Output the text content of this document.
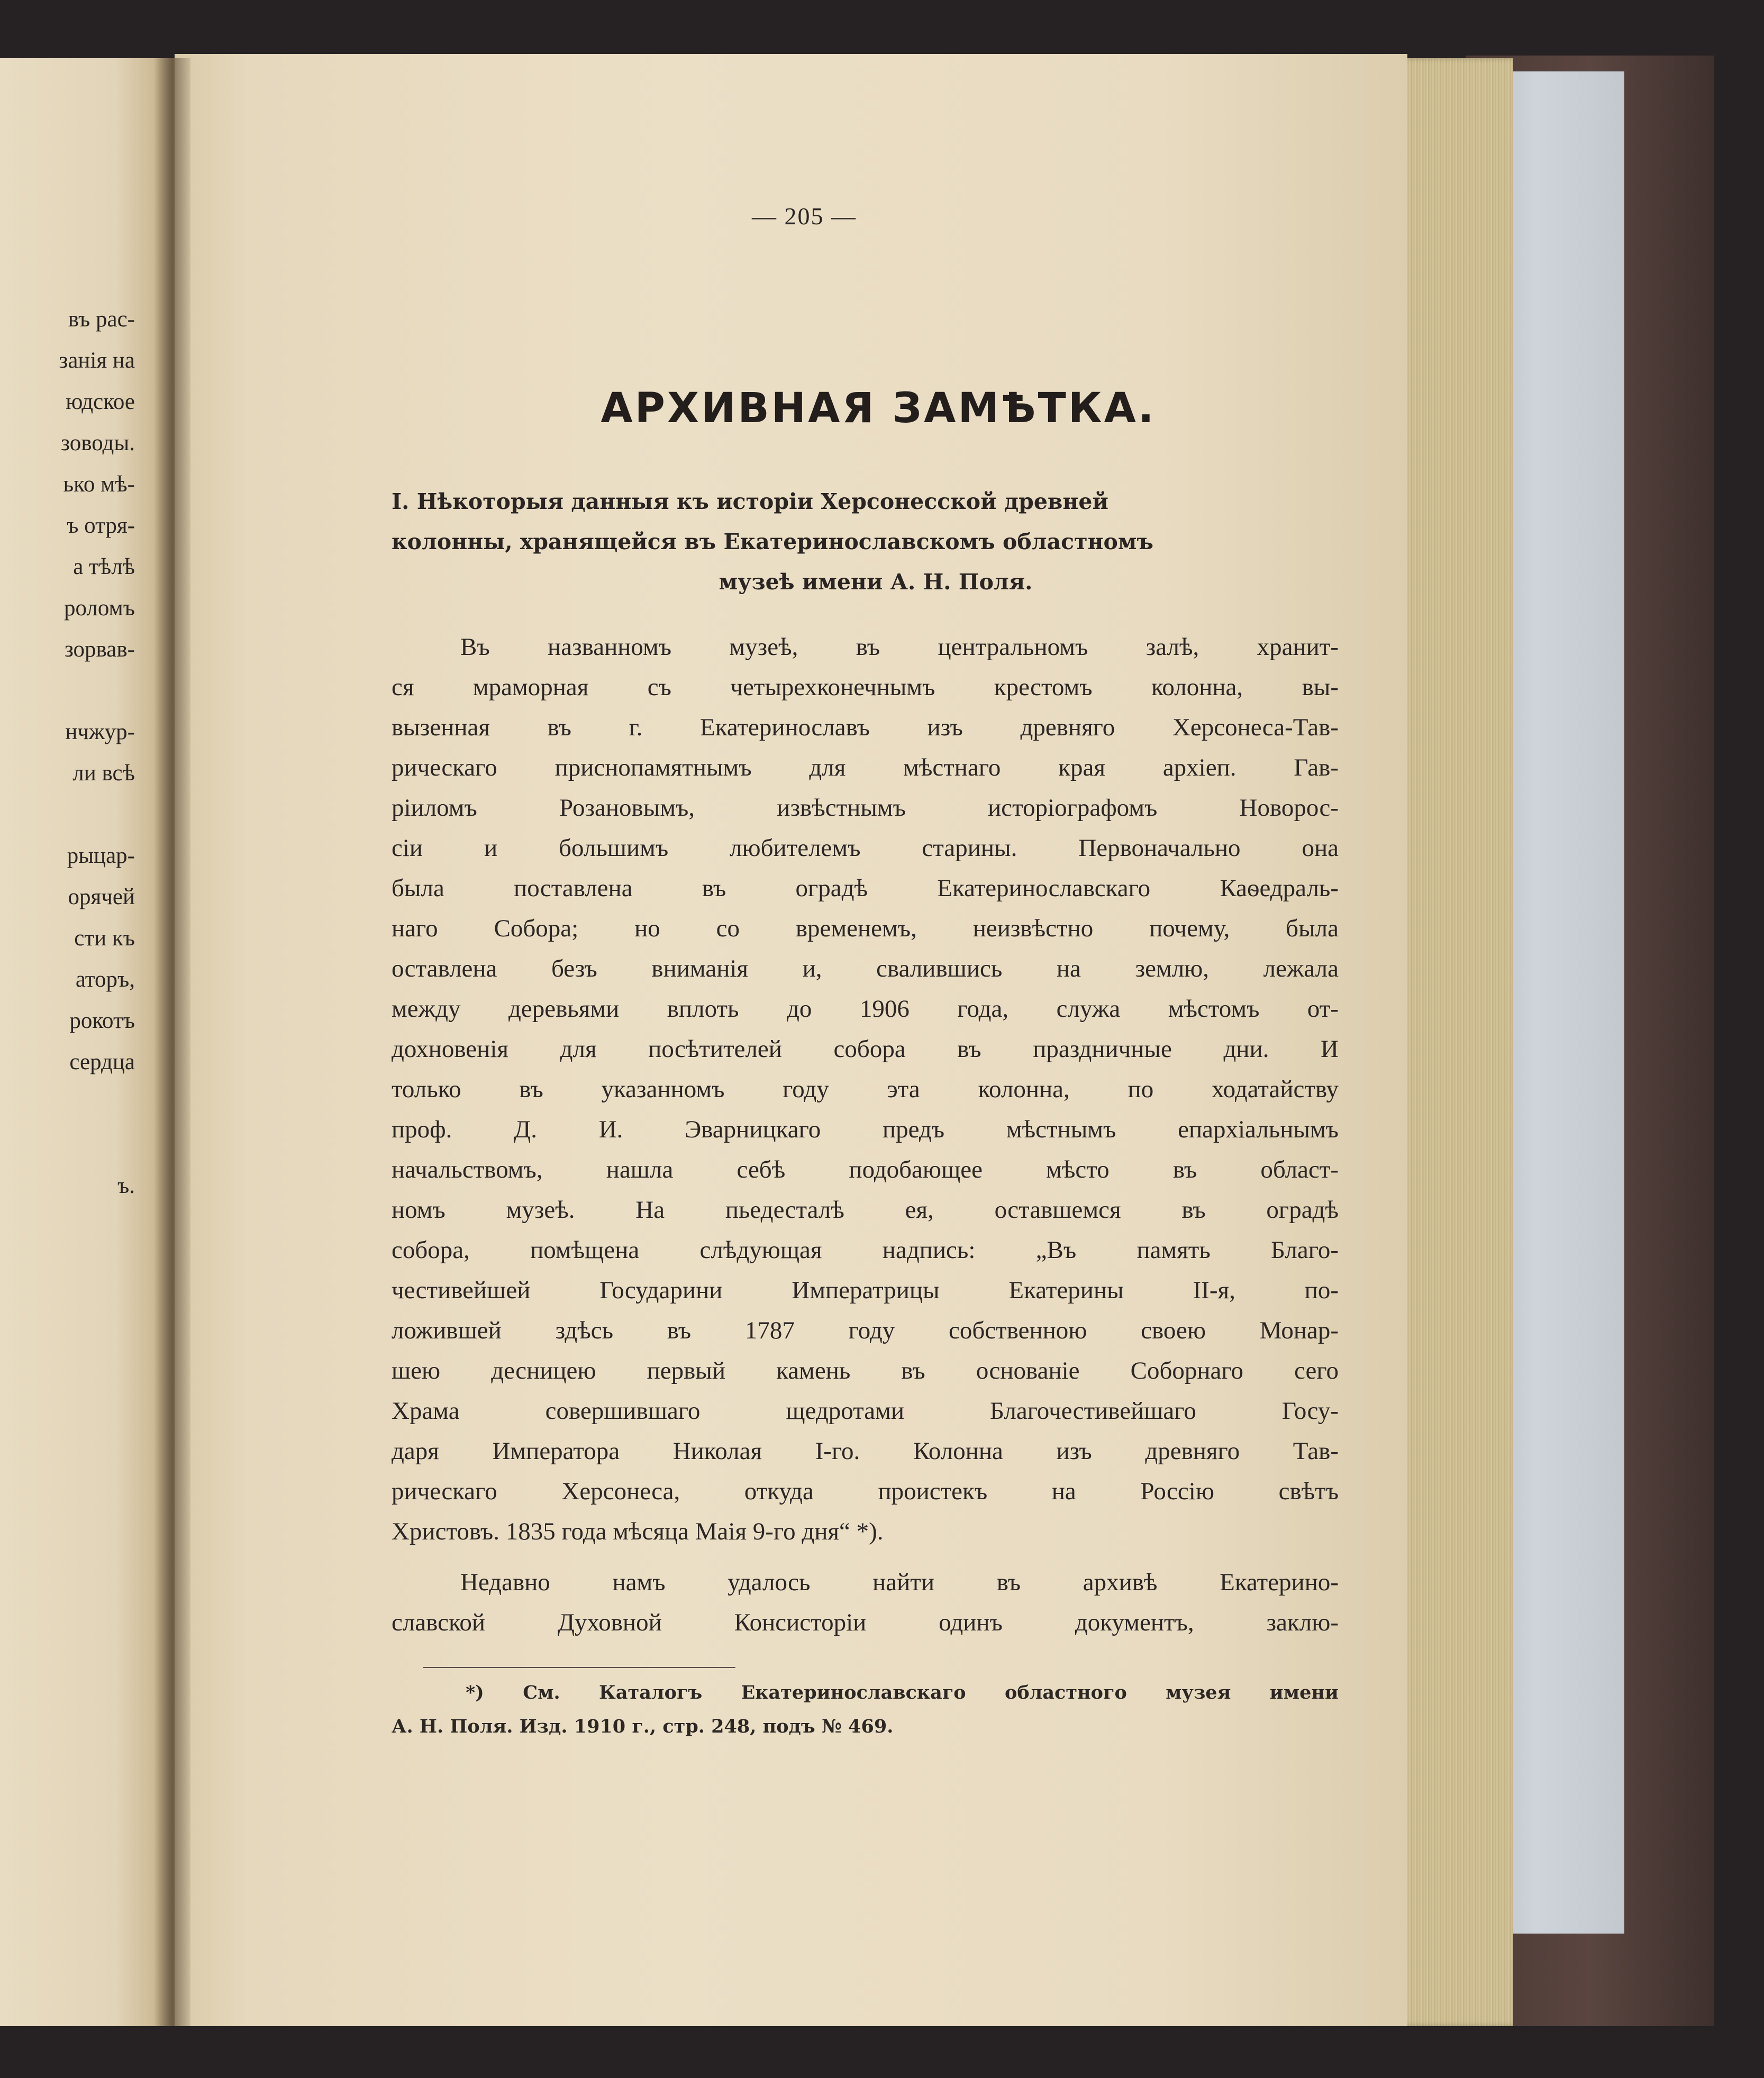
въ рас-
занія на
юдское
зоводы.
ько мѣ-
ъ отря-
а тѣлѣ
роломъ
зорвав-
нчжур-
ли всѣ
рыцар-
орячей
сти къ
аторъ,
рокотъ
сердца
ъ.
— 205 —
АРХИВНАЯ ЗАМѢТКА.
I. Нѣкоторыя данныя къ исторіи Херсонесской древней
колонны, хранящейся въ Екатеринославскомъ областномъ
музеѣ имени А. Н. Поля.
Въ названномъ музеѣ, въ центральномъ залѣ, хранит-
ся мраморная съ четырехконечнымъ крестомъ колонна, вы-
вызенная въ г. Екатеринославъ изъ древняго Херсонеса-Тав-
рическаго приснопамятнымъ для мѣстнаго края архіеп. Гав-
ріиломъ Розановымъ, извѣстнымъ исторіографомъ Новорос-
сіи и большимъ любителемъ старины. Первоначально она
была поставлена въ оградѣ Екатеринославскаго Каѳедраль-
наго Собора; но со временемъ, неизвѣстно почему, была
оставлена безъ вниманія и, свалившись на землю, лежала
между деревьями вплоть до 1906 года, служа мѣстомъ от-
дохновенія для посѣтителей собора въ праздничные дни. И
только въ указанномъ году эта колонна, по ходатайству
проф. Д. И. Эварницкаго предъ мѣстнымъ епархіальнымъ
начальствомъ, нашла себѣ подобающее мѣсто въ област-
номъ музеѣ. На пьедесталѣ ея, оставшемся въ оградѣ
собора, помѣщена слѣдующая надпись: „Въ память Благо-
честивейшей Государини Императрицы Екатерины II-я, по-
ложившей здѣсь въ 1787 году собственною своею Монар-
шею десницею первый камень въ основаніе Соборнаго сего
Храма совершившаго щедротами Благочестивейшаго Госу-
даря Императора Николая I-го. Колонна изъ древняго Тав-
рическаго Херсонеса, откуда проистекъ на Россію свѣтъ
Христовъ. 1835 года мѣсяца Маія 9-го дня“ *).
Недавно намъ удалось найти въ архивѣ Екатерино-
славской Духовной Консисторіи одинъ документъ, заклю-
*) См. Каталогъ Екатеринославскаго областного музея имени
А. Н. Поля. Изд. 1910 г., стр. 248, подъ № 469.
